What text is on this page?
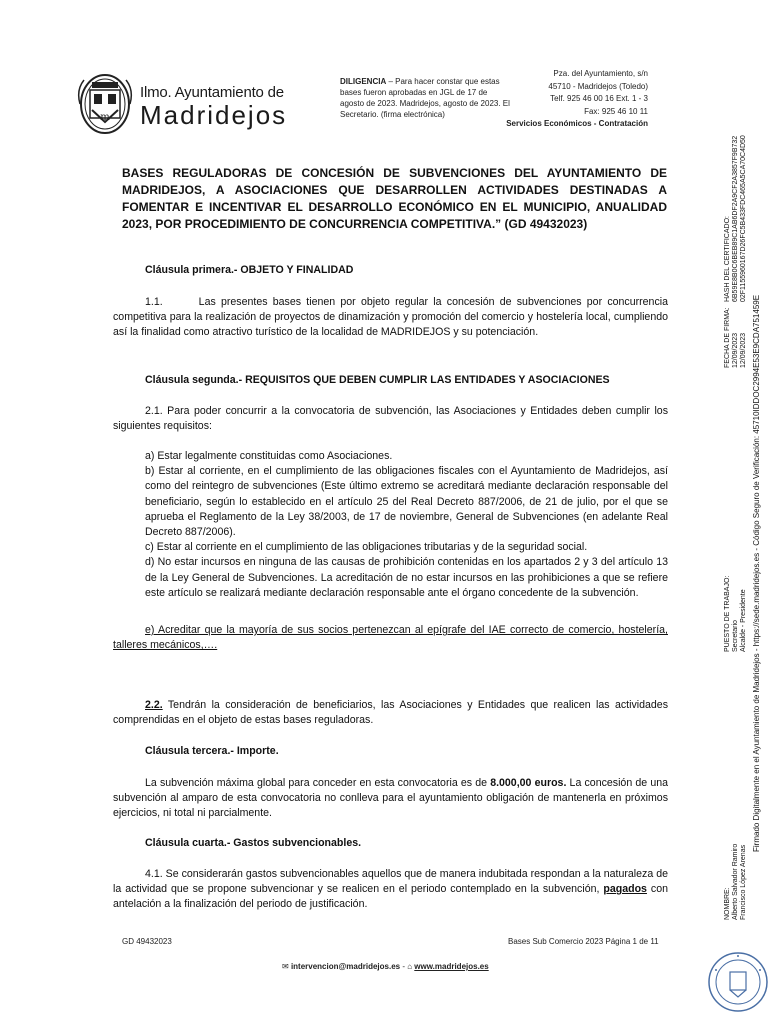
m
Ilmo. Ayuntamiento de
Madridejos
DILIGENCIA – Para hacer constar que estas bases fueron aprobadas en JGL de 17 de agosto de 2023. Madridejos, agosto de 2023. El Secretario. (firma electrónica)
Pza. del Ayuntamiento, s/n
45710 - Madridejos (Toledo)
Telf. 925 46 00 16 Ext. 1 - 3
Fax: 925 46 10 11
Servicios Económicos - Contratación
BASES REGULADORAS DE CONCESIÓN DE SUBVENCIONES DEL AYUNTAMIENTO DE MADRIDEJOS, A ASOCIACIONES QUE DESARROLLEN ACTIVIDADES DESTINADAS A FOMENTAR E INCENTIVAR EL DESARROLLO ECONÓMICO EN EL MUNICIPIO, ANUALIDAD 2023, POR PROCEDIMIENTO DE CONCURRENCIA COMPETITIVA.” (GD 49432023)
Cláusula primera.- OBJETO Y FINALIDAD
1.1.	Las presentes bases tienen por objeto regular la concesión de subvenciones por concurrencia competitiva para la realización de proyectos de dinamización y promoción del comercio y hostelería local, cumpliendo así la finalidad como atractivo turístico de la localidad de MADRIDEJOS y su potenciación.
Cláusula segunda.- REQUISITOS QUE DEBEN CUMPLIR LAS ENTIDADES Y ASOCIACIONES
2.1. Para poder concurrir a la convocatoria de subvención, las Asociaciones y Entidades deben cumplir los siguientes requisitos:
a) Estar legalmente constituidas como Asociaciones.
b) Estar al corriente, en el cumplimiento de las obligaciones fiscales con el Ayuntamiento de Madridejos, así como del reintegro de subvenciones (Este último extremo se acreditará mediante declaración responsable del beneficiario, según lo establecido en el artículo 25 del Real Decreto 887/2006, de 21 de julio, por el que se aprueba el Reglamento de la Ley 38/2003, de 17 de noviembre, General de Subvenciones (en adelante Real Decreto 887/2006).
c) Estar al corriente en el cumplimiento de las obligaciones tributarias y de la seguridad social.
d) No estar incursos en ninguna de las causas de prohibición contenidas en los apartados 2 y 3 del artículo 13 de la Ley General de Subvenciones. La acreditación de no estar incursos en las prohibiciones a que se refiere este artículo se realizará mediante declaración responsable ante el órgano concedente de la subvención.
e) Acreditar que la mayoría de sus socios pertenezcan al epígrafe del IAE correcto de comercio, hostelería, talleres mecánicos,….
2.2. Tendrán la consideración de beneficiarios, las Asociaciones y Entidades que realicen las actividades comprendidas en el objeto de estas bases reguladoras.
Cláusula tercera.- Importe.
La subvención máxima global para conceder en esta convocatoria es de 8.000,00 euros. La concesión de una subvención al amparo de esta convocatoria no conlleva para el ayuntamiento obligación de mantenerla en próximos ejercicios, ni total ni parcialmente.
Cláusula cuarta.- Gastos subvencionables.
4.1. Se considerarán gastos subvencionables aquellos que de manera indubitada respondan a la naturaleza de la actividad que se propone subvencionar y se realicen en el periodo contemplado en la subvención, pagados con antelación a la finalización del periodo de justificación.
GD 49432023	Bases Sub Comercio 2023 Página 1 de 11
✉ intervencion@madridejos.es - ⌂ www.madridejos.es
NOMBRE: Alberto Salvador Ramiro Francisco López Arenas
PUESTO DE TRABAJO: Secretario Alcalde - Presidente
FECHA DE FIRMA: 12/09/2023 12/09/2023
HASH DEL CERTIFICADO: 6B59E8B0C6BEB89C1AB6DF2A9CF2A3857F9B732 02F1155960167D26FC5B433FDC465A5CA70C4D50
Firmado Digitalmente en el Ayuntamiento de Madridejos - https://sede.madridejos.es - Código Seguro de Verificación: 45710IDDOC2994E53E9CDA751459E
